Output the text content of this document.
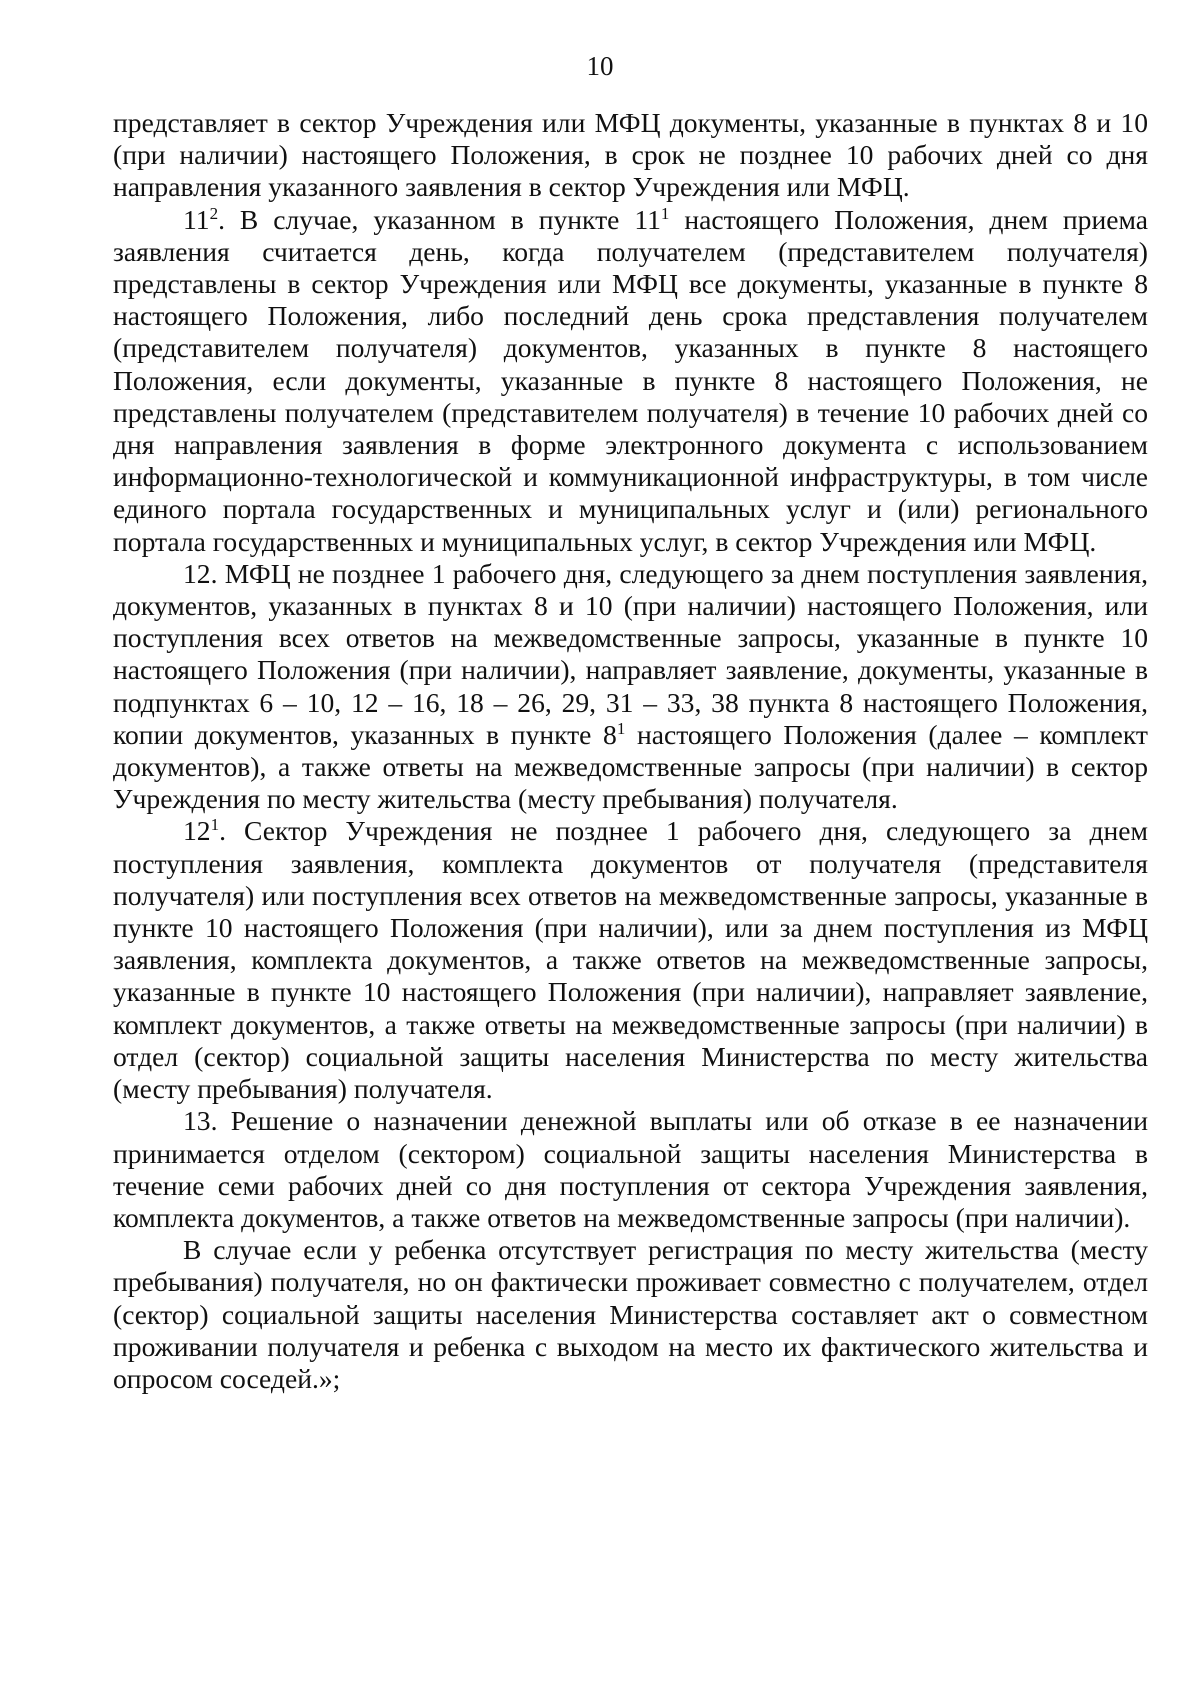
10

представляет в сектор Учреждения или МФЦ документы, указанные в пунктах 8 и 10 (при наличии) настоящего Положения, в срок не позднее 10 рабочих дней со дня направления указанного заявления в сектор Учреждения или МФЦ.

$11^2$. В случае, указанном в пункте $11^1$ настоящего Положения, днем приема заявления считается день, когда получателем (представителем получателя) представлены в сектор Учреждения или МФЦ все документы, указанные в пункте 8 настоящего Положения, либо последний день срока представления получателем (представителем получателя) документов, указанных в пункте 8 настоящего Положения, если документы, указанные в пункте 8 настоящего Положения, не представлены получателем (представителем получателя) в течение 10 рабочих дней со дня направления заявления в форме электронного документа с использованием информационно-технологической и коммуникационной инфраструктуры, в том числе единого портала государственных и муниципальных услуг и (или) регионального портала государственных и муниципальных услуг, в сектор Учреждения или МФЦ.

12. МФЦ не позднее 1 рабочего дня, следующего за днем поступления заявления, документов, указанных в пунктах 8 и 10 (при наличии) настоящего Положения, или поступления всех ответов на межведомственные запросы, указанные в пункте 10 настоящего Положения (при наличии), направляет заявление, документы, указанные в подпунктах 6 – 10, 12 – 16, 18 – 26, 29, 31 – 33, 38 пункта 8 настоящего Положения, копии документов, указанных в пункте $8^1$ настоящего Положения (далее – комплект документов), а также ответы на межведомственные запросы (при наличии) в сектор Учреждения по месту жительства (месту пребывания) получателя.

$12^1$. Сектор Учреждения не позднее 1 рабочего дня, следующего за днем поступления заявления, комплекта документов от получателя (представителя получателя) или поступления всех ответов на межведомственные запросы, указанные в пункте 10 настоящего Положения (при наличии), или за днем поступления из МФЦ заявления, комплекта документов, а также ответов на межведомственные запросы, указанные в пункте 10 настоящего Положения (при наличии), направляет заявление, комплект документов, а также ответы на межведомственные запросы (при наличии) в отдел (сектор) социальной защиты населения Министерства по месту жительства (месту пребывания) получателя.

13. Решение о назначении денежной выплаты или об отказе в ее назначении принимается отделом (сектором) социальной защиты населения Министерства в течение семи рабочих дней со дня поступления от сектора Учреждения заявления, комплекта документов, а также ответов на межведомственные запросы (при наличии).

В случае если у ребенка отсутствует регистрация по месту жительства (месту пребывания) получателя, но он фактически проживает совместно с получателем, отдел (сектор) социальной защиты населения Министерства составляет акт о совместном проживании получателя и ребенка с выходом на место их фактического жительства и опросом соседей.»;
